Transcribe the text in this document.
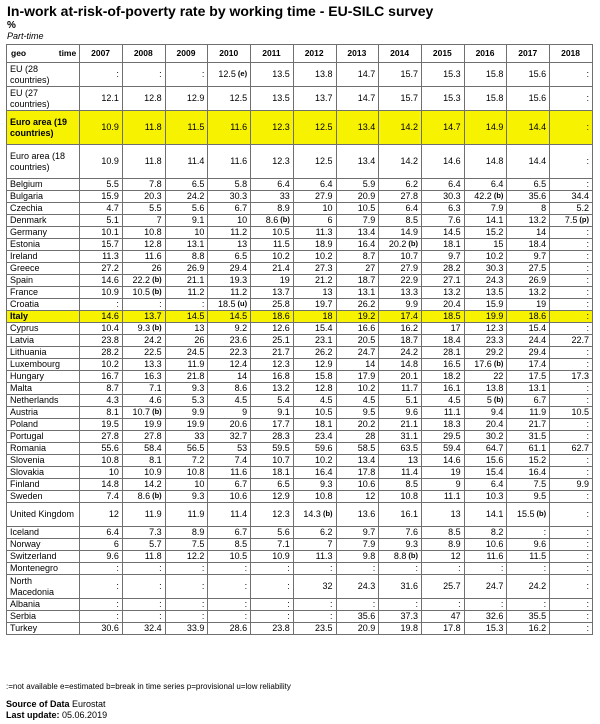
In-work at-risk-of-poverty rate by working time - EU-SILC survey
%
Part-time
geo time	2007	2008	2009	2010	2011	2012	2013	2014	2015	2016	2017	2018
EU (28 countries)	:	:	:	12.5 $^{(e)}$	13.5	13.8	14.7	15.7	15.3	15.8	15.6	:
EU (27 countries)	12.1	12.8	12.9	12.5	13.5	13.7	14.7	15.7	15.3	15.8	15.6	:
Euro area (19 countries)	10.9	11.8	11.5	11.6	12.3	12.5	13.4	14.2	14.7	14.9	14.4	:
Euro area (18 countries)	10.9	11.8	11.4	11.6	12.3	12.5	13.4	14.2	14.6	14.8	14.4	:
Belgium	5.5	7.8	6.5	5.8	6.4	6.4	5.9	6.2	6.4	6.4	6.5	:
Bulgaria	15.9	20.3	24.2	30.3	33	27.9	20.9	27.8	30.3	42.2 $^{(b)}$	35.6	34.4
Czechia	4.7	5.5	5.6	6.7	8.9	10	10.5	6.4	6.3	7.9	8	5.2
Denmark	5.1	7	9.1	10	8.6 $^{(b)}$	6	7.9	8.5	7.6	14.1	13.2	7.5 $^{(p)}$
Germany	10.1	10.8	10	11.2	10.5	11.3	13.4	14.9	14.5	15.2	14	:
Estonia	15.7	12.8	13.1	13	11.5	18.9	16.4	20.2 $^{(b)}$	18.1	15	18.4	:
Ireland	11.3	11.6	8.8	6.5	10.2	10.2	8.7	10.7	9.7	10.2	9.7	:
Greece	27.2	26	26.9	29.4	21.4	27.3	27	27.9	28.2	30.3	27.5	:
Spain	14.6	22.2 $^{(b)}$	21.1	19.3	19	21.2	18.7	22.9	27.1	24.3	26.9	:
France	10.9	10.5 $^{(b)}$	11.2	11.2	13.7	13	13.1	13.3	13.2	13.5	13.2	:
Croatia	:	:	:	18.5 $^{(u)}$	25.8	19.7	26.2	9.9	20.4	15.9	19	:
Italy	14.6	13.7	14.5	14.5	18.6	18	19.2	17.4	18.5	19.9	18.6	:
Cyprus	10.4	9.3 $^{(b)}$	13	9.2	12.6	15.4	16.6	16.2	17	12.3	15.4	:
Latvia	23.8	24.2	26	23.6	25.1	23.1	20.5	18.7	18.4	23.3	24.4	22.7
Lithuania	28.2	22.5	24.5	22.3	21.7	26.2	24.7	24.2	28.1	29.2	29.4	:
Luxembourg	10.2	13.3	11.9	12.4	12.3	12.9	14	14.8	16.5	17.6 $^{(b)}$	17.4	:
Hungary	16.7	16.3	21.8	14	16.8	15.8	17.9	20.1	18.2	22	17.5	17.3
Malta	8.7	7.1	9.3	8.6	13.2	12.8	10.2	11.7	16.1	13.8	13.1	:
Netherlands	4.3	4.6	5.3	4.5	5.4	4.5	4.5	5.1	4.5	5 $^{(b)}$	6.7	:
Austria	8.1	10.7 $^{(b)}$	9.9	9	9.1	10.5	9.5	9.6	11.1	9.4	11.9	10.5
Poland	19.5	19.9	19.9	20.6	17.7	18.1	20.2	21.1	18.3	20.4	21.7	:
Portugal	27.8	27.8	33	32.7	28.3	23.4	28	31.1	29.5	30.2	31.5	:
Romania	55.6	58.4	56.5	53	59.5	59.6	58.5	63.5	59.4	64.7	61.1	62.7
Slovenia	10.8	8.1	7.2	7.4	10.7	10.2	13.4	13	14.6	15.6	15.2	:
Slovakia	10	10.9	10.8	11.6	18.1	16.4	17.8	11.4	19	15.4	16.4	:
Finland	14.8	14.2	10	6.7	6.5	9.3	10.6	8.5	9	6.4	7.5	9.9
Sweden	7.4	8.6 $^{(b)}$	9.3	10.6	12.9	10.8	12	10.8	11.1	10.3	9.5	:
United Kingdom	12	11.9	11.9	11.4	12.3	14.3 $^{(b)}$	13.6	16.1	13	14.1	15.5 $^{(b)}$	:
Iceland	6.4	7.3	8.9	6.7	5.6	6.2	9.7	7.6	8.5	8.2	:	:
Norway	6	5.7	7.5	8.5	7.1	7	7.9	9.3	8.9	10.6	9.6	:
Switzerland	9.6	11.8	12.2	10.5	10.9	11.3	9.8	8.8 $^{(b)}$	12	11.6	11.5	:
Montenegro	:	:	:	:	:	:	:	:	:	:	:	:
North Macedonia	:	:	:	:	:	32	24.3	31.6	25.7	24.7	24.2	:
Albania	:	:	:	:	:	:	:	:	:	:	:	:
Serbia	:	:	:	:	:	:	35.6	37.3	47	32.6	35.5	:
Turkey	30.6	32.4	33.9	28.6	23.8	23.5	20.9	19.8	17.8	15.3	16.2	:
:=not available e=estimated b=break in time series p=provisional u=low reliability
Source of Data Eurostat
Last update: 05.06.2019
